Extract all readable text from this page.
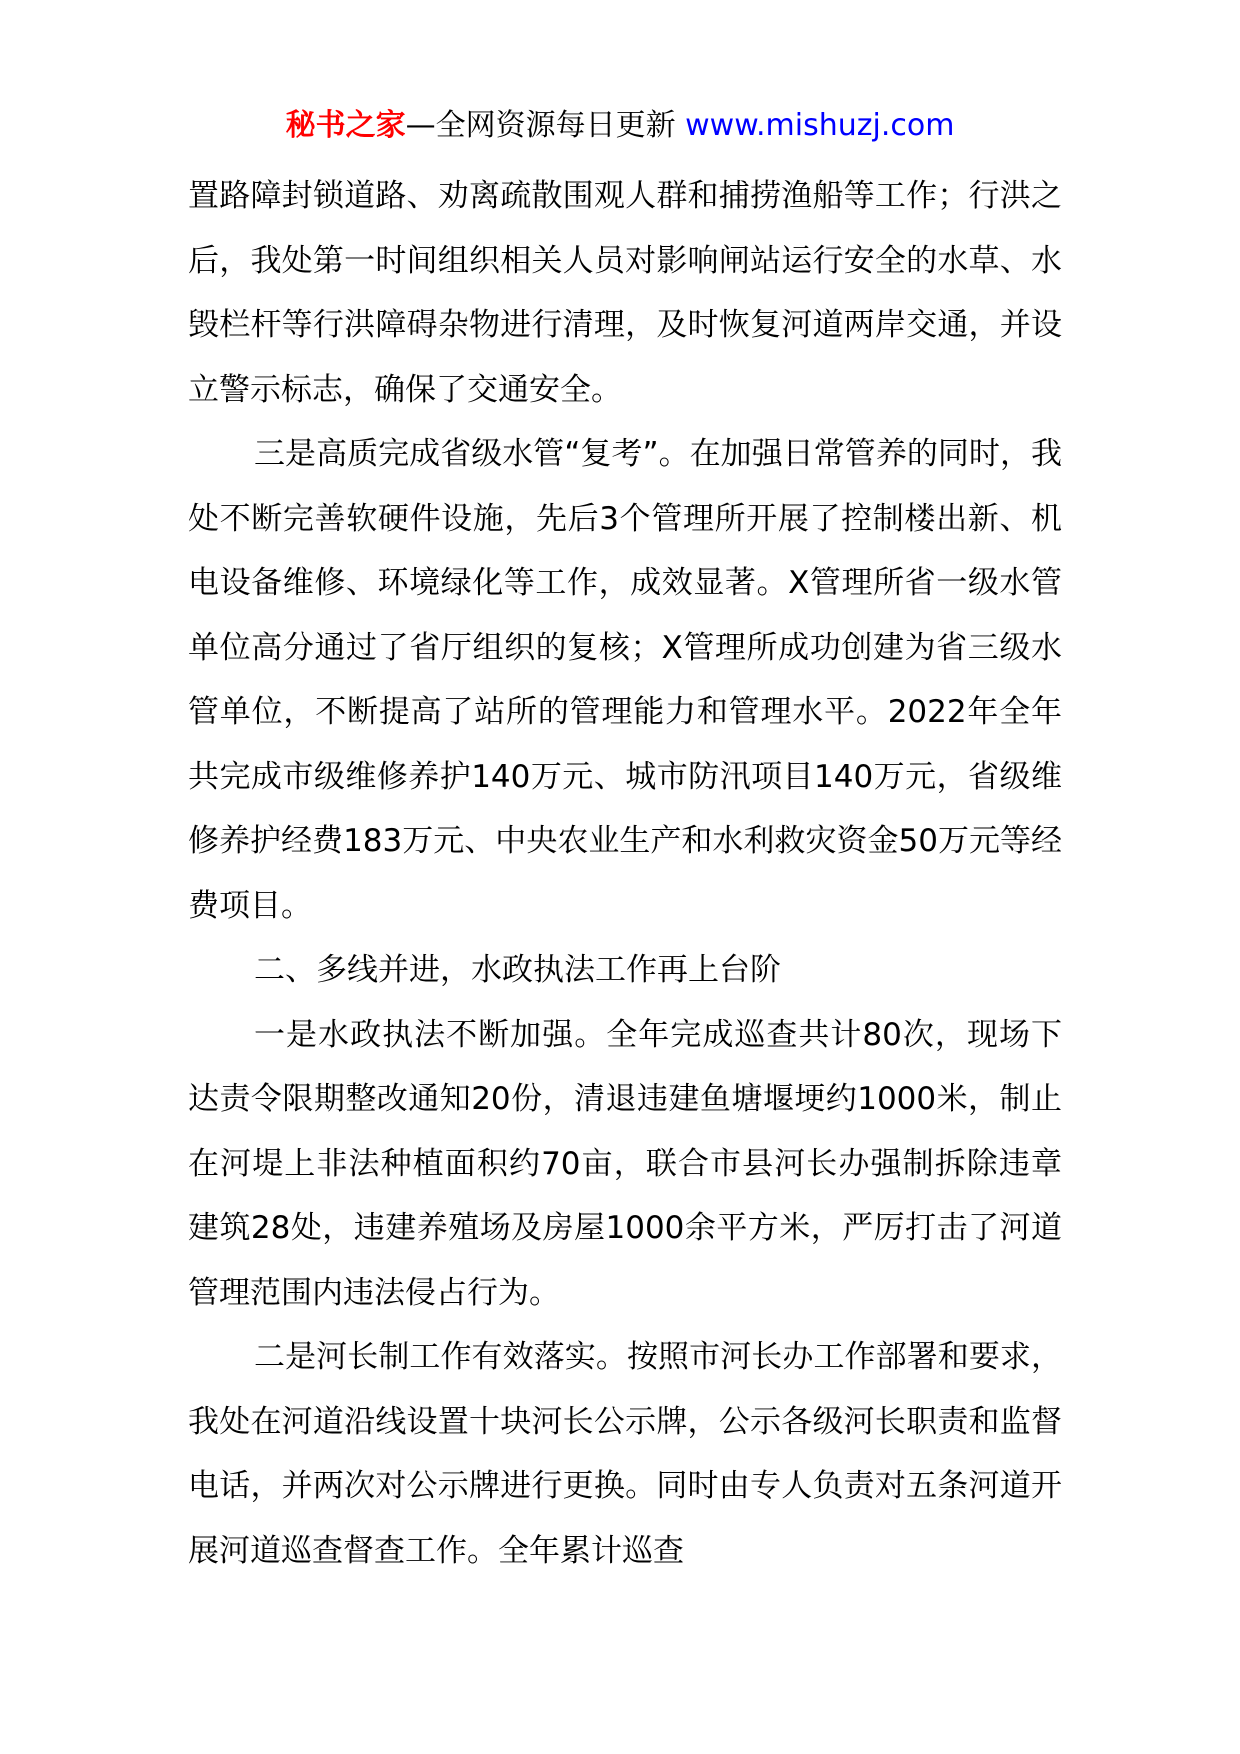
秘书之家—全网资源每日更新 www.mishuzj.com

置路障封锁道路、劝离疏散围观人群和捕捞渔船等工作；行洪之后，我处第一时间组织相关人员对影响闸站运行安全的水草、水毁栏杆等行洪障碍杂物进行清理，及时恢复河道两岸交通，并设立警示标志，确保了交通安全。

三是高质完成省级水管“复考”。在加强日常管养的同时，我处不断完善软硬件设施，先后3个管理所开展了控制楼出新、机电设备维修、环境绿化等工作，成效显著。X管理所省一级水管单位高分通过了省厅组织的复核；X管理所成功创建为省三级水管单位，不断提高了站所的管理能力和管理水平。2022年全年共完成市级维修养护140万元、城市防汛项目140万元，省级维修养护经费183万元、中央农业生产和水利救灾资金50万元等经费项目。

二、多线并进，水政执法工作再上台阶

一是水政执法不断加强。全年完成巡查共计80次，现场下达责令限期整改通知20份，清退违建鱼塘堰埂约1000米，制止在河堤上非法种植面积约70亩，联合市县河长办强制拆除违章建筑28处，违建养殖场及房屋1000余平方米，严厉打击了河道管理范围内违法侵占行为。

二是河长制工作有效落实。按照市河长办工作部署和要求，我处在河道沿线设置十块河长公示牌，公示各级河长职责和监督电话，并两次对公示牌进行更换。同时由专人负责对五条河道开展河道巡查督查工作。全年累计巡查
